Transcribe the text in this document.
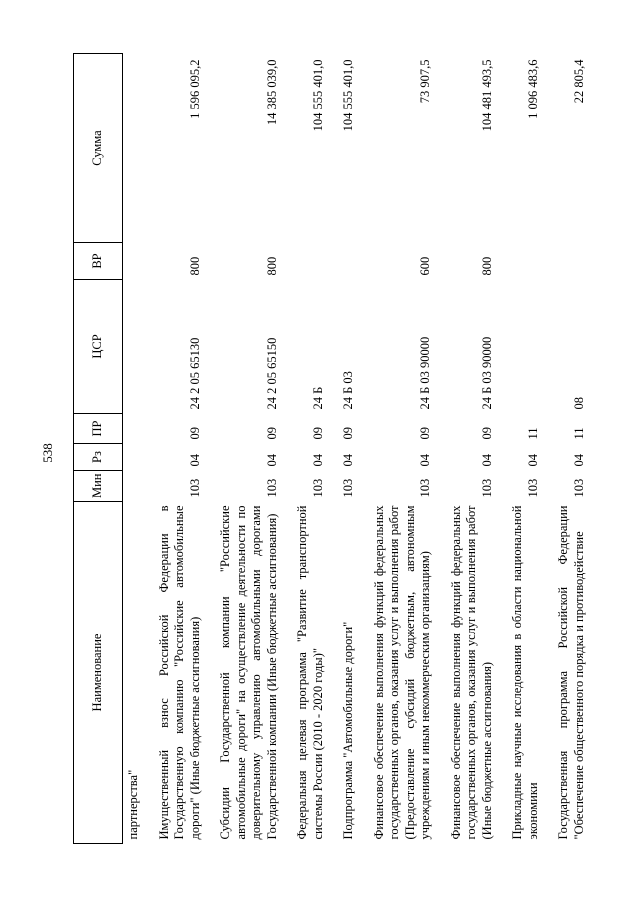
538
Наименование	Мин	Рз	ПР	ЦСР	ВР	Сумма
партнерства"						

Имущественный взнос Российской Федерации в Государственную компанию "Российские автомобильные дороги" (Иные бюджетные ассигнования)	103	04	09	24 2 05 65130	800	1 596 095,2

Субсидии Государственной компании "Российские автомобильные дороги" на осуществление деятельности по доверительному управлению автомобильными дорогами Государственной компании (Иные бюджетные ассигнования)	103	04	09	24 2 05 65150	800	14 385 039,0

Федеральная целевая программа "Развитие транспортной системы России (2010 - 2020 годы)"	103	04	09	24 Б		104 555 401,0

Подпрограмма "Автомобильные дороги"	103	04	09	24 Б 03		104 555 401,0

Финансовое обеспечение выполнения функций федеральных государственных органов, оказания услуг и выполнения работ (Предоставление субсидий бюджетным, автономным учреждениям и иным некоммерческим организациям)	103	04	09	24 Б 03 90000	600	73 907,5

Финансовое обеспечение выполнения функций федеральных государственных органов, оказания услуг и выполнения работ (Иные бюджетные ассигнования)	103	04	09	24 Б 03 90000	800	104 481 493,5

Прикладные научные исследования в области национальной экономики	103	04	11			1 096 483,6

Государственная программа Российской Федерации "Обеспечение общественного порядка и противодействие	103	04	11	08		22 805,4
